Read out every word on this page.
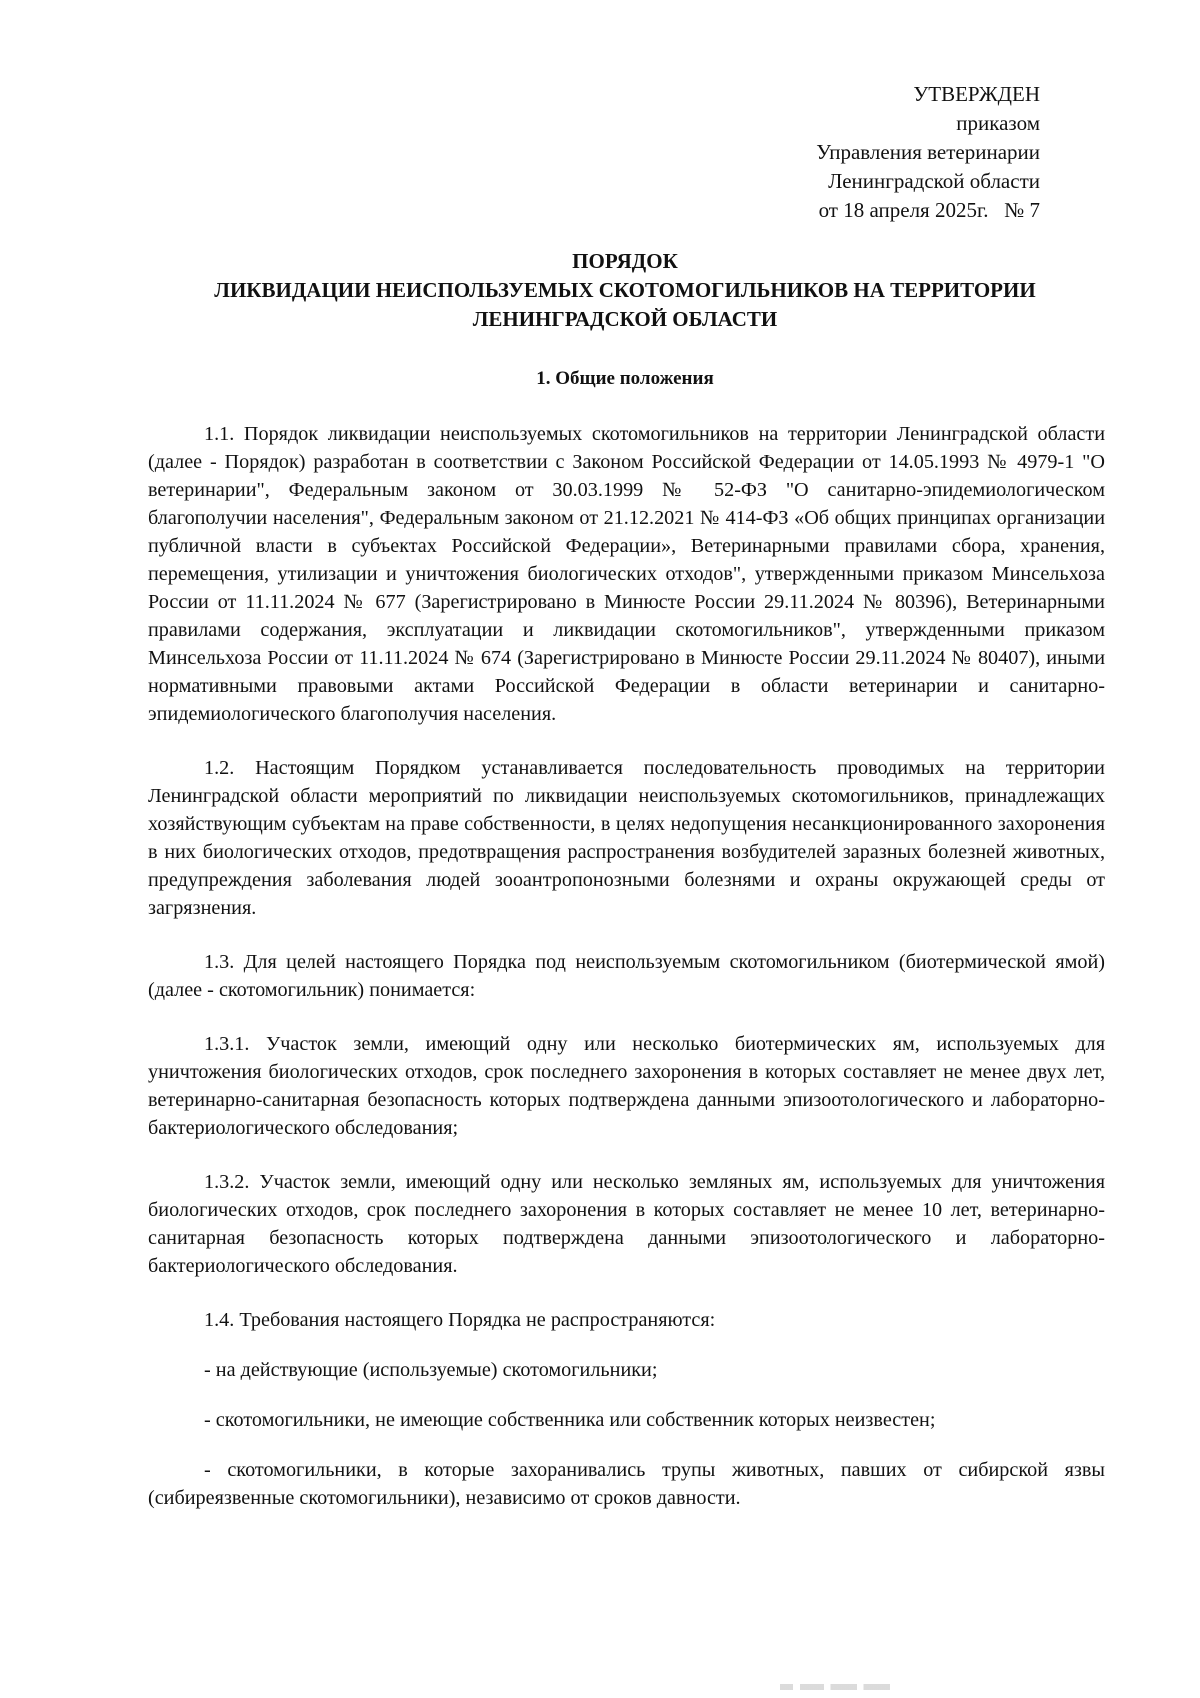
УТВЕРЖДЕН
приказом
Управления ветеринарии
Ленинградской области
от 18 апреля 2025г.   № 7
ПОРЯДОК
ЛИКВИДАЦИИ НЕИСПОЛЬЗУЕМЫХ СКОТОМОГИЛЬНИКОВ НА ТЕРРИТОРИИ
ЛЕНИНГРАДСКОЙ ОБЛАСТИ
1. Общие положения

1.1. Порядок ликвидации неиспользуемых скотомогильников на территории Ленинградской области (далее - Порядок) разработан в соответствии с Законом Российской Федерации от 14.05.1993 № 4979-1 "О ветеринарии", Федеральным законом от 30.03.1999 № 52-ФЗ "О санитарно-эпидемиологическом благополучии населения", Федеральным законом от 21.12.2021 № 414-ФЗ «Об общих принципах организации публичной власти в субъектах Российской Федерации», Ветеринарными правилами сбора, хранения, перемещения, утилизации и уничтожения биологических отходов", утвержденными приказом Минсельхоза России от 11.11.2024 № 677 (Зарегистрировано в Минюсте России 29.11.2024 № 80396), Ветеринарными правилами содержания, эксплуатации и ликвидации скотомогильников", утвержденными приказом Минсельхоза России от 11.11.2024 № 674 (Зарегистрировано в Минюсте России 29.11.2024 № 80407), иными нормативными правовыми актами Российской Федерации в области ветеринарии и санитарно-эпидемиологического благополучия населения.

1.2. Настоящим Порядком устанавливается последовательность проводимых на территории Ленинградской области мероприятий по ликвидации неиспользуемых скотомогильников, принадлежащих хозяйствующим субъектам на праве собственности, в целях недопущения несанкционированного захоронения в них биологических отходов, предотвращения распространения возбудителей заразных болезней животных, предупреждения заболевания людей зооантропонозными болезнями и охраны окружающей среды от загрязнения.

1.3. Для целей настоящего Порядка под неиспользуемым скотомогильником (биотермической ямой) (далее - скотомогильник) понимается:

1.3.1. Участок земли, имеющий одну или несколько биотермических ям, используемых для уничтожения биологических отходов, срок последнего захоронения в которых составляет не менее двух лет, ветеринарно-санитарная безопасность которых подтверждена данными эпизоотологического и лабораторно-бактериологического обследования;

1.3.2. Участок земли, имеющий одну или несколько земляных ям, используемых для уничтожения биологических отходов, срок последнего захоронения в которых составляет не менее 10 лет, ветеринарно-санитарная безопасность которых подтверждена данными эпизоотологического и лабораторно-бактериологического обследования.

1.4. Требования настоящего Порядка не распространяются:

- на действующие (используемые) скотомогильники;

- скотомогильники, не имеющие собственника или собственник которых неизвестен;

- скотомогильники, в которые захоранивались трупы животных, павших от сибирской язвы (сибиреязвенные скотомогильники), независимо от сроков давности.
